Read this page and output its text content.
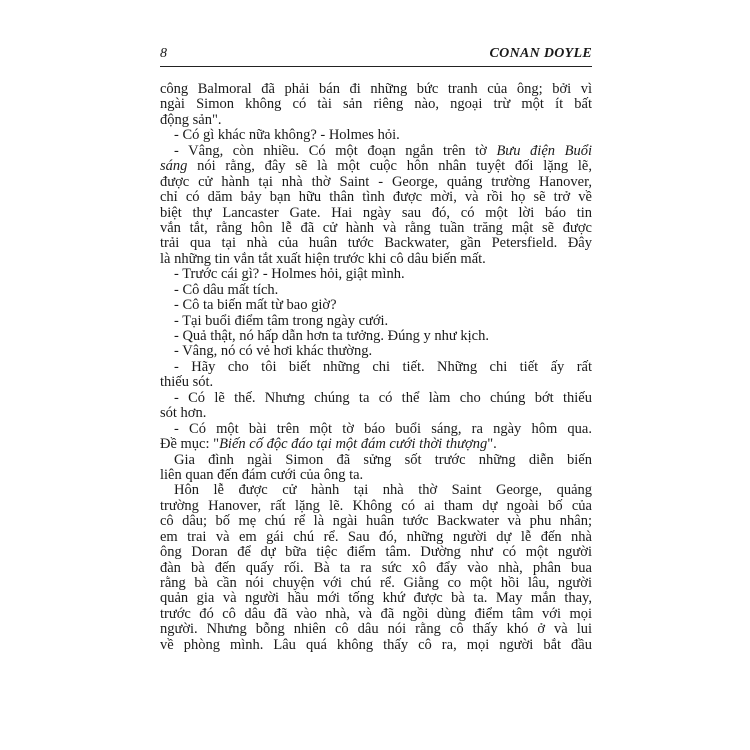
8	CONAN DOYLE
công Balmoral đã phải bán đi những bức tranh của ông; bởi vì
ngài Simon không có tài sản riêng nào, ngoại trừ một ít bất
động sản".
- Có gì khác nữa không? - Holmes hỏi.
- Vâng, còn nhiều. Có một đoạn ngắn trên tờ Bưu điện Buổi
sáng nói rằng, đây sẽ là một cuộc hôn nhân tuyệt đối lặng lẽ,
được cử hành tại nhà thờ Saint - George, quảng trường Hanover,
chỉ có dăm bảy bạn hữu thân tình được mời, và rồi họ sẽ trở về
biệt thự Lancaster Gate. Hai ngày sau đó, có một lời báo tin
vắn tắt, rằng hôn lễ đã cử hành và rằng tuần trăng mật sẽ được
trải qua tại nhà của huân tước Backwater, gần Petersfield. Đây
là những tin vắn tắt xuất hiện trước khi cô dâu biến mất.
- Trước cái gì? - Holmes hỏi, giật mình.
- Cô dâu mất tích.
- Cô ta biến mất từ bao giờ?
- Tại buổi điểm tâm trong ngày cưới.
- Quả thật, nó hấp dẫn hơn ta tưởng. Đúng y như kịch.
- Vâng, nó có vẻ hơi khác thường.
- Hãy cho tôi biết những chi tiết. Những chi tiết ấy rất
thiếu sót.
- Có lẽ thế. Nhưng chúng ta có thể làm cho chúng bớt thiếu
sót hơn.
- Có một bài trên một tờ báo buổi sáng, ra ngày hôm qua.
Đề mục: "Biến cố độc đáo tại một đám cưới thời thượng".
Gia đình ngài Simon đã sửng sốt trước những diễn biến
liên quan đến đám cưới của ông ta.
Hôn lễ được cử hành tại nhà thờ Saint George, quảng
trường Hanover, rất lặng lẽ. Không có ai tham dự ngoài bố của
cô dâu; bố mẹ chú rể là ngài huân tước Backwater và phu nhân;
em trai và em gái chú rể. Sau đó, những người dự lễ đến nhà
ông Doran để dự bữa tiệc điểm tâm. Dường như có một người
đàn bà đến quấy rối. Bà ta ra sức xô đẩy vào nhà, phân bua
rằng bà cần nói chuyện với chú rể. Giằng co một hồi lâu, người
quản gia và người hầu mới tống khứ được bà ta. May mắn thay,
trước đó cô dâu đã vào nhà, và đã ngồi dùng điểm tâm với mọi
người. Nhưng bỗng nhiên cô dâu nói rằng cô thấy khó ở và lui
về phòng mình. Lâu quá không thấy cô ra, mọi người bắt đầu
